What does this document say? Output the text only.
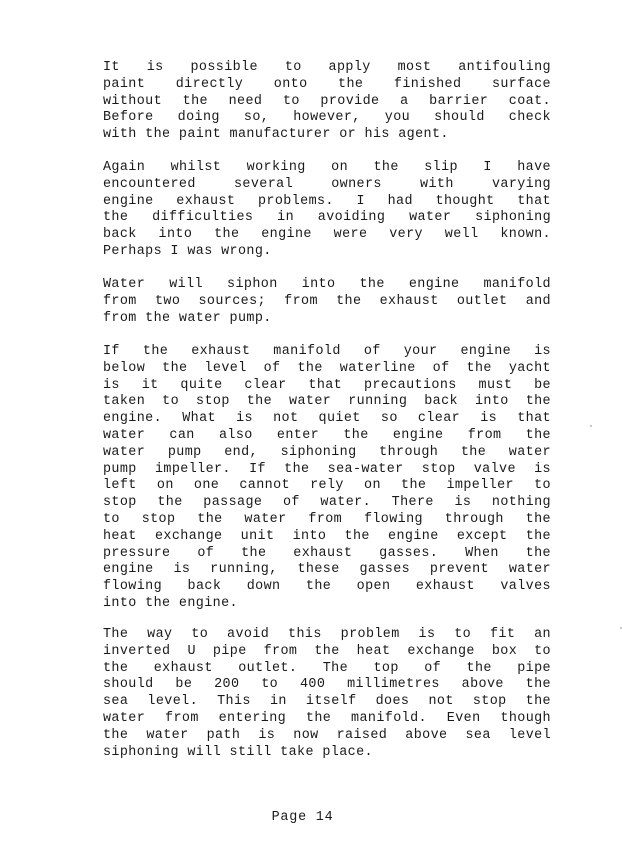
It is possible to apply most antifouling
paint directly onto the finished surface
without the need to provide a barrier coat.
Before doing so, however, you should check
with the paint manufacturer or his agent.
Again whilst working on the slip I have
encountered several owners with varying
engine exhaust problems. I had thought that
the difficulties in avoiding water siphoning
back into the engine were very well known.
Perhaps I was wrong.
Water will siphon into the engine manifold
from two sources; from the exhaust outlet and
from the water pump.
If the exhaust manifold of your engine is
below the level of the waterline of the yacht
is it quite clear that precautions must be
taken to stop the water running back into the
engine. What is not quiet so clear is that
water can also enter the engine from the
water pump end, siphoning through the water
pump impeller. If the sea-water stop valve is
left on one cannot rely on the impeller to
stop the passage of water. There is nothing
to stop the water from flowing through the
heat exchange unit into the engine except the
pressure of the exhaust gasses. When the
engine is running, these gasses prevent water
flowing back down the open exhaust valves
into the engine.
The way to avoid this problem is to fit an
inverted U pipe from the heat exchange box to
the exhaust outlet. The top of the pipe
should be 200 to 400 millimetres above the
sea level. This in itself does not stop the
water from entering the manifold. Even though
the water path is now raised above sea level
siphoning will still take place.
Page 14
